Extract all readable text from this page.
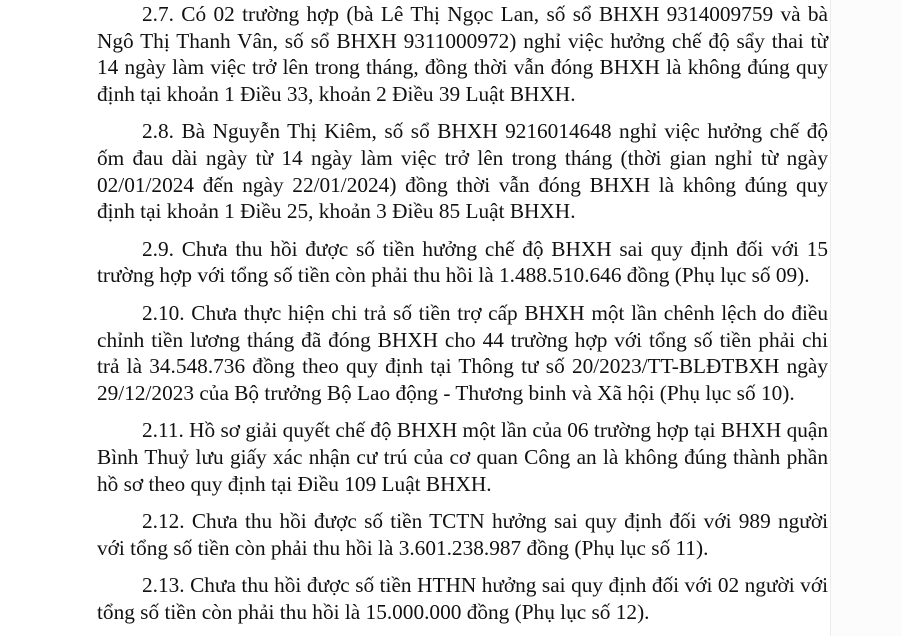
2.7. Có 02 trường hợp (bà Lê Thị Ngọc Lan, số sổ BHXH 9314009759 và bà Ngô Thị Thanh Vân, số sổ BHXH 9311000972) nghỉ việc hưởng chế độ sẩy thai từ 14 ngày làm việc trở lên trong tháng, đồng thời vẫn đóng BHXH là không đúng quy định tại khoản 1 Điều 33, khoản 2 Điều 39 Luật BHXH.

2.8. Bà Nguyễn Thị Kiêm, số sổ BHXH 9216014648 nghỉ việc hưởng chế độ ốm đau dài ngày từ 14 ngày làm việc trở lên trong tháng (thời gian nghỉ từ ngày 02/01/2024 đến ngày 22/01/2024) đồng thời vẫn đóng BHXH là không đúng quy định tại khoản 1 Điều 25, khoản 3 Điều 85 Luật BHXH.

2.9. Chưa thu hồi được số tiền hưởng chế độ BHXH sai quy định đối với 15 trường hợp với tổng số tiền còn phải thu hồi là 1.488.510.646 đồng (Phụ lục số 09).

2.10. Chưa thực hiện chi trả số tiền trợ cấp BHXH một lần chênh lệch do điều chỉnh tiền lương tháng đã đóng BHXH cho 44 trường hợp với tổng số tiền phải chi trả là 34.548.736 đồng theo quy định tại Thông tư số 20/2023/TT-BLĐTBXH ngày 29/12/2023 của Bộ trưởng Bộ Lao động - Thương binh và Xã hội (Phụ lục số 10).

2.11. Hồ sơ giải quyết chế độ BHXH một lần của 06 trường hợp tại BHXH quận Bình Thuỷ lưu giấy xác nhận cư trú của cơ quan Công an là không đúng thành phần hồ sơ theo quy định tại Điều 109 Luật BHXH.

2.12. Chưa thu hồi được số tiền TCTN hưởng sai quy định đối với 989 người với tổng số tiền còn phải thu hồi là 3.601.238.987 đồng (Phụ lục số 11).

2.13. Chưa thu hồi được số tiền HTHN hưởng sai quy định đối với 02 người với tổng số tiền còn phải thu hồi là 15.000.000 đồng (Phụ lục số 12).
